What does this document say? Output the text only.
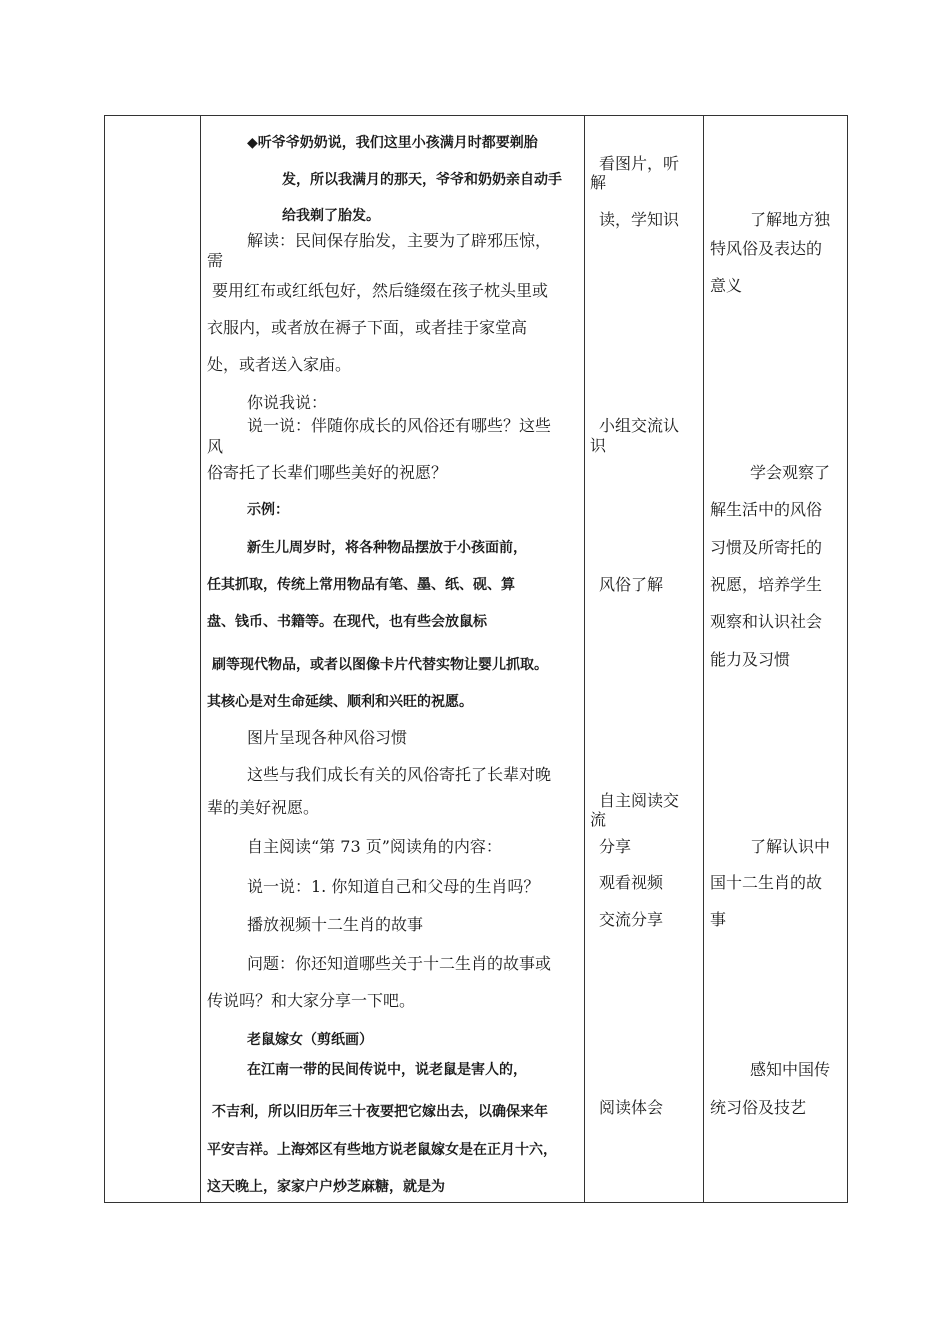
◆听爷爷奶奶说，我们这里小孩满月时都要剃胎
发，所以我满月的那天，爷爷和奶奶亲自动手
给我剃了胎发。
解读：民间保存胎发，主要为了辟邪压惊，
需
要用红布或红纸包好，然后缝缀在孩子枕头里或
衣服内，或者放在褥子下面，或者挂于家堂高
处，或者送入家庙。
你说我说：
说一说：伴随你成长的风俗还有哪些？这些
风
俗寄托了长辈们哪些美好的祝愿？
示例：
新生儿周岁时，将各种物品摆放于小孩面前，
任其抓取，传统上常用物品有笔、墨、纸、砚、算
盘、钱币、书籍等。在现代，也有些会放鼠标
刷等现代物品，或者以图像卡片代替实物让婴儿抓取。
其核心是对生命延续、顺利和兴旺的祝愿。
图片呈现各种风俗习惯
这些与我们成长有关的风俗寄托了长辈对晚
辈的美好祝愿。
自主阅读“第 73 页”阅读角的内容：
说一说：1. 你知道自己和父母的生肖吗？
播放视频十二生肖的故事
问题：你还知道哪些关于十二生肖的故事或
传说吗？和大家分享一下吧。
老鼠嫁女（剪纸画）
在江南一带的民间传说中，说老鼠是害人的，
不吉利，所以旧历年三十夜要把它嫁出去，以确保来年
平安吉祥。上海郊区有些地方说老鼠嫁女是在正月十六，
这天晚上，家家户户炒芝麻糖，就是为
看图片，听
解
读，学知识
小组交流认
识
风俗了解
自主阅读交
流
分享
观看视频
交流分享
阅读体会
了解地方独
特风俗及表达的
意义
学会观察了
解生活中的风俗
习惯及所寄托的
祝愿，培养学生
观察和认识社会
能力及习惯
了解认识中
国十二生肖的故
事
感知中国传
统习俗及技艺
